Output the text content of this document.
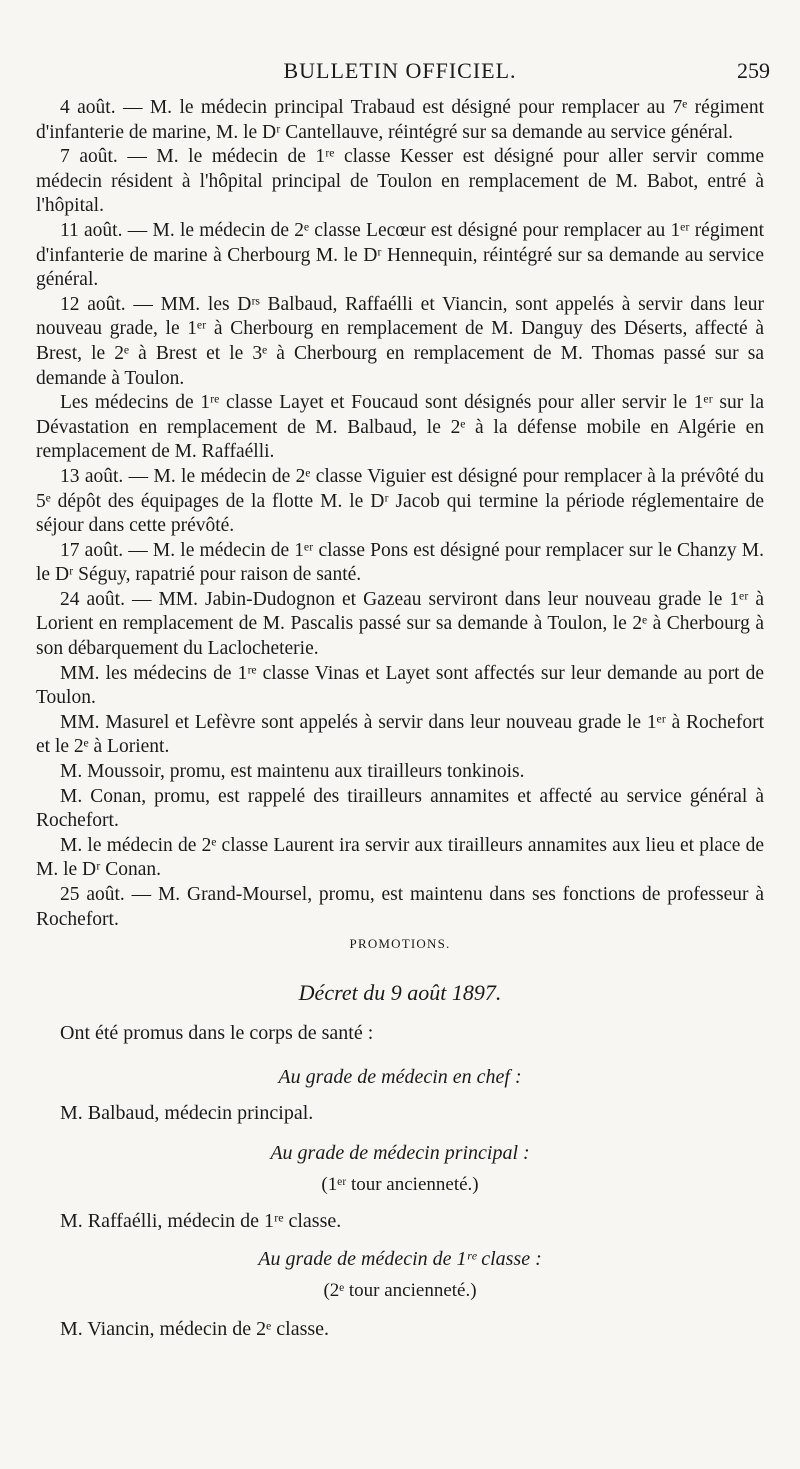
BULLETIN OFFICIEL.	259

4 août. — M. le médecin principal Trabaud est désigné pour remplacer au 7ᵉ régiment d'infanterie de marine, M. le Dʳ Cantellauve, réintégré sur sa demande au service général.

7 août. — M. le médecin de 1ʳᵉ classe Kesser est désigné pour aller servir comme médecin résident à l'hôpital principal de Toulon en remplacement de M. Babot, entré à l'hôpital.

11 août. — M. le médecin de 2ᵉ classe Lecœur est désigné pour remplacer au 1ᵉʳ régiment d'infanterie de marine à Cherbourg M. le Dʳ Hennequin, réintégré sur sa demande au service général.

12 août. — MM. les Dʳˢ Balbaud, Raffaélli et Viancin, sont appelés à servir dans leur nouveau grade, le 1ᵉʳ à Cherbourg en remplacement de M. Danguy des Déserts, affecté à Brest, le 2ᵉ à Brest et le 3ᵉ à Cherbourg en remplacement de M. Thomas passé sur sa demande à Toulon.

Les médecins de 1ʳᵉ classe Layet et Foucaud sont désignés pour aller servir le 1ᵉʳ sur la Dévastation en remplacement de M. Balbaud, le 2ᵉ à la défense mobile en Algérie en remplacement de M. Raffaélli.

13 août. — M. le médecin de 2ᵉ classe Viguier est désigné pour remplacer à la prévôté du 5ᵉ dépôt des équipages de la flotte M. le Dʳ Jacob qui termine la période réglementaire de séjour dans cette prévôté.

17 août. — M. le médecin de 1ᵉʳ classe Pons est désigné pour remplacer sur le Chanzy M. le Dʳ Séguy, rapatrié pour raison de santé.

24 août. — MM. Jabin-Dudognon et Gazeau serviront dans leur nouveau grade le 1ᵉʳ à Lorient en remplacement de M. Pascalis passé sur sa demande à Toulon, le 2ᵉ à Cherbourg à son débarquement du Laclocheterie.

MM. les médecins de 1ʳᵉ classe Vinas et Layet sont affectés sur leur demande au port de Toulon.

MM. Masurel et Lefèvre sont appelés à servir dans leur nouveau grade le 1ᵉʳ à Rochefort et le 2ᵉ à Lorient.

M. Moussoir, promu, est maintenu aux tirailleurs tonkinois.

M. Conan, promu, est rappelé des tirailleurs annamites et affecté au service général à Rochefort.

M. le médecin de 2ᵉ classe Laurent ira servir aux tirailleurs annamites aux lieu et place de M. le Dʳ Conan.

25 août. — M. Grand-Moursel, promu, est maintenu dans ses fonctions de professeur à Rochefort.

PROMOTIONS.
Décret du 9 août 1897.
Ont été promus dans le corps de santé :
Au grade de médecin en chef :
M. Balbaud, médecin principal.
Au grade de médecin principal :
(1ᵉʳ tour ancienneté.)
M. Raffaélli, médecin de 1ʳᵉ classe.
Au grade de médecin de 1ʳᵉ classe :
(2ᵉ tour ancienneté.)
M. Viancin, médecin de 2ᵉ classe.
